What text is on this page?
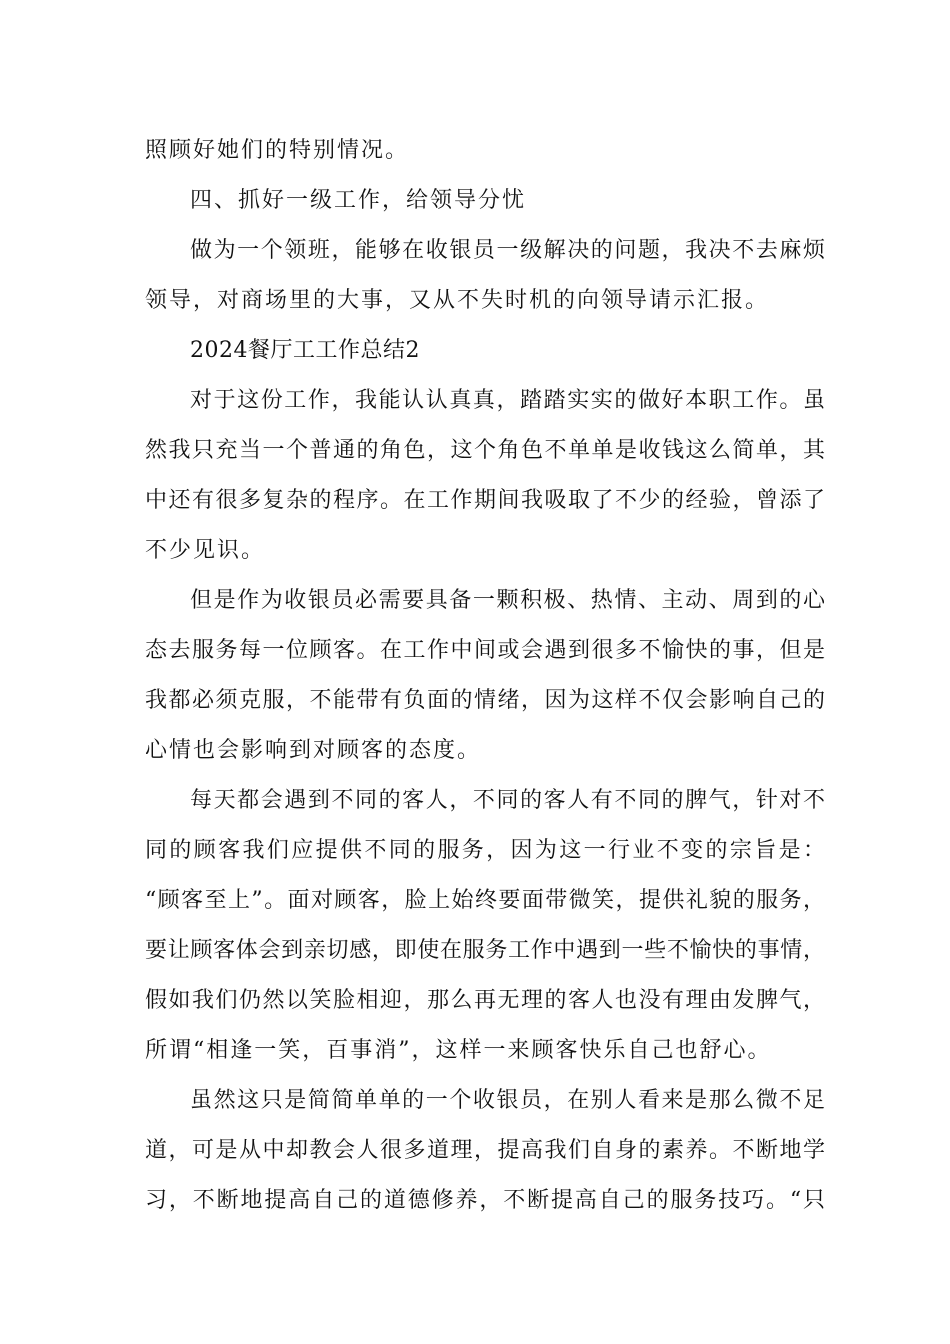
照顾好她们的特别情况。
四、抓好一级工作，给领导分忧
做为一个领班，能够在收银员一级解决的问题，我决不去麻烦
领导，对商场里的大事，又从不失时机的向领导请示汇报。
2024餐厅工工作总结2
对于这份工作，我能认认真真，踏踏实实的做好本职工作。虽
然我只充当一个普通的角色，这个角色不单单是收钱这么简单，其
中还有很多复杂的程序。在工作期间我吸取了不少的经验，曾添了
不少见识。
但是作为收银员必需要具备一颗积极、热情、主动、周到的心
态去服务每一位顾客。在工作中间或会遇到很多不愉快的事，但是
我都必须克服，不能带有负面的情绪，因为这样不仅会影响自己的
心情也会影响到对顾客的态度。
每天都会遇到不同的客人，不同的客人有不同的脾气，针对不
同的顾客我们应提供不同的服务，因为这一行业不变的宗旨是：
“顾客至上”。面对顾客，脸上始终要面带微笑，提供礼貌的服务，
要让顾客体会到亲切感，即使在服务工作中遇到一些不愉快的事情，
假如我们仍然以笑脸相迎，那么再无理的客人也没有理由发脾气，
所谓“相逢一笑，百事消”，这样一来顾客快乐自己也舒心。
虽然这只是简简单单的一个收银员，在别人看来是那么微不足
道，可是从中却教会人很多道理，提高我们自身的素养。不断地学
习，不断地提高自己的道德修养，不断提高自己的服务技巧。“只
